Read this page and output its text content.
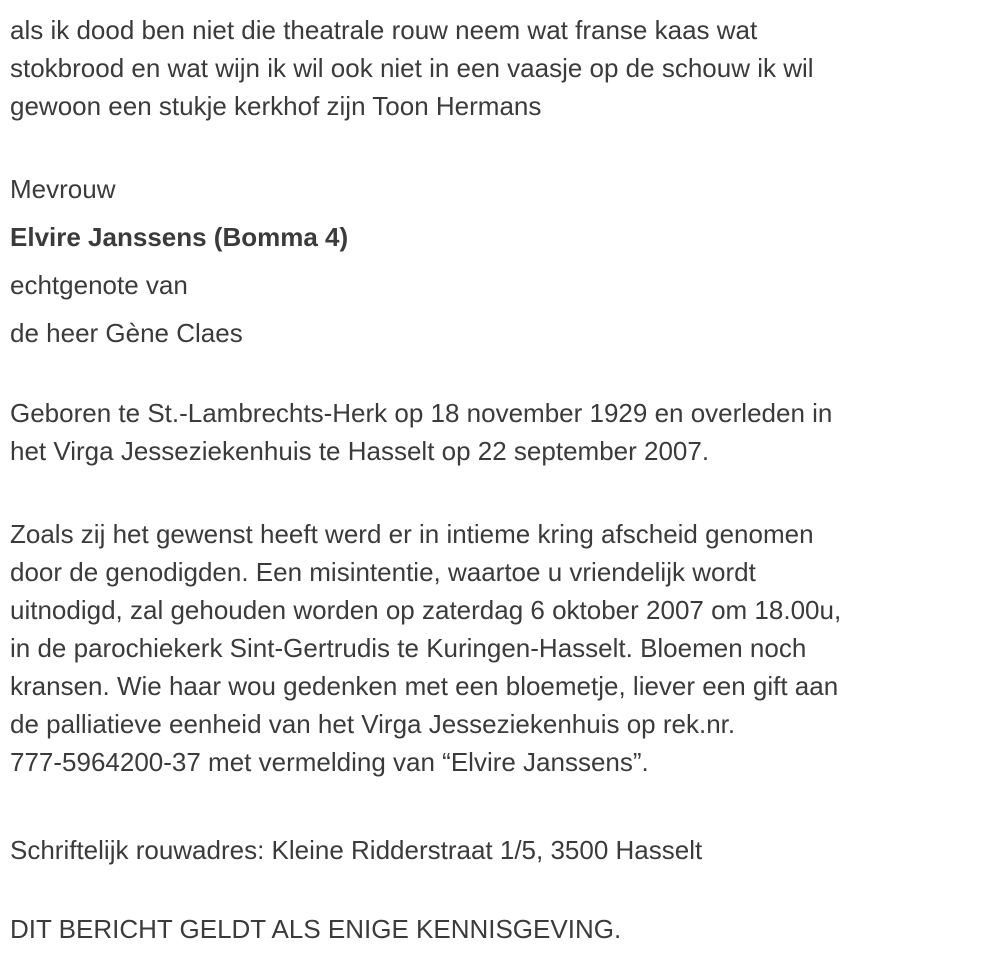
als ik dood ben niet die theatrale rouw neem wat franse kaas wat
stokbrood en wat wijn ik wil ook niet in een vaasje op de schouw ik wil
gewoon een stukje kerkhof zijn Toon Hermans
Mevrouw
Elvire Janssens (Bomma 4)
echtgenote van
de heer Gène Claes
Geboren te St.-Lambrechts-Herk op 18 november 1929 en overleden in
het Virga Jesseziekenhuis te Hasselt op 22 september 2007.
Zoals zij het gewenst heeft werd er in intieme kring afscheid genomen
door de genodigden. Een misintentie, waartoe u vriendelijk wordt
uitnodigd, zal gehouden worden op zaterdag 6 oktober 2007 om 18.00u,
in de parochiekerk Sint-Gertrudis te Kuringen-Hasselt. Bloemen noch
kransen. Wie haar wou gedenken met een bloemetje, liever een gift aan
de palliatieve eenheid van het Virga Jesseziekenhuis op rek.nr.
777-5964200-37 met vermelding van “Elvire Janssens”.
Schriftelijk rouwadres: Kleine Ridderstraat 1/5, 3500 Hasselt
DIT BERICHT GELDT ALS ENIGE KENNISGEVING.
